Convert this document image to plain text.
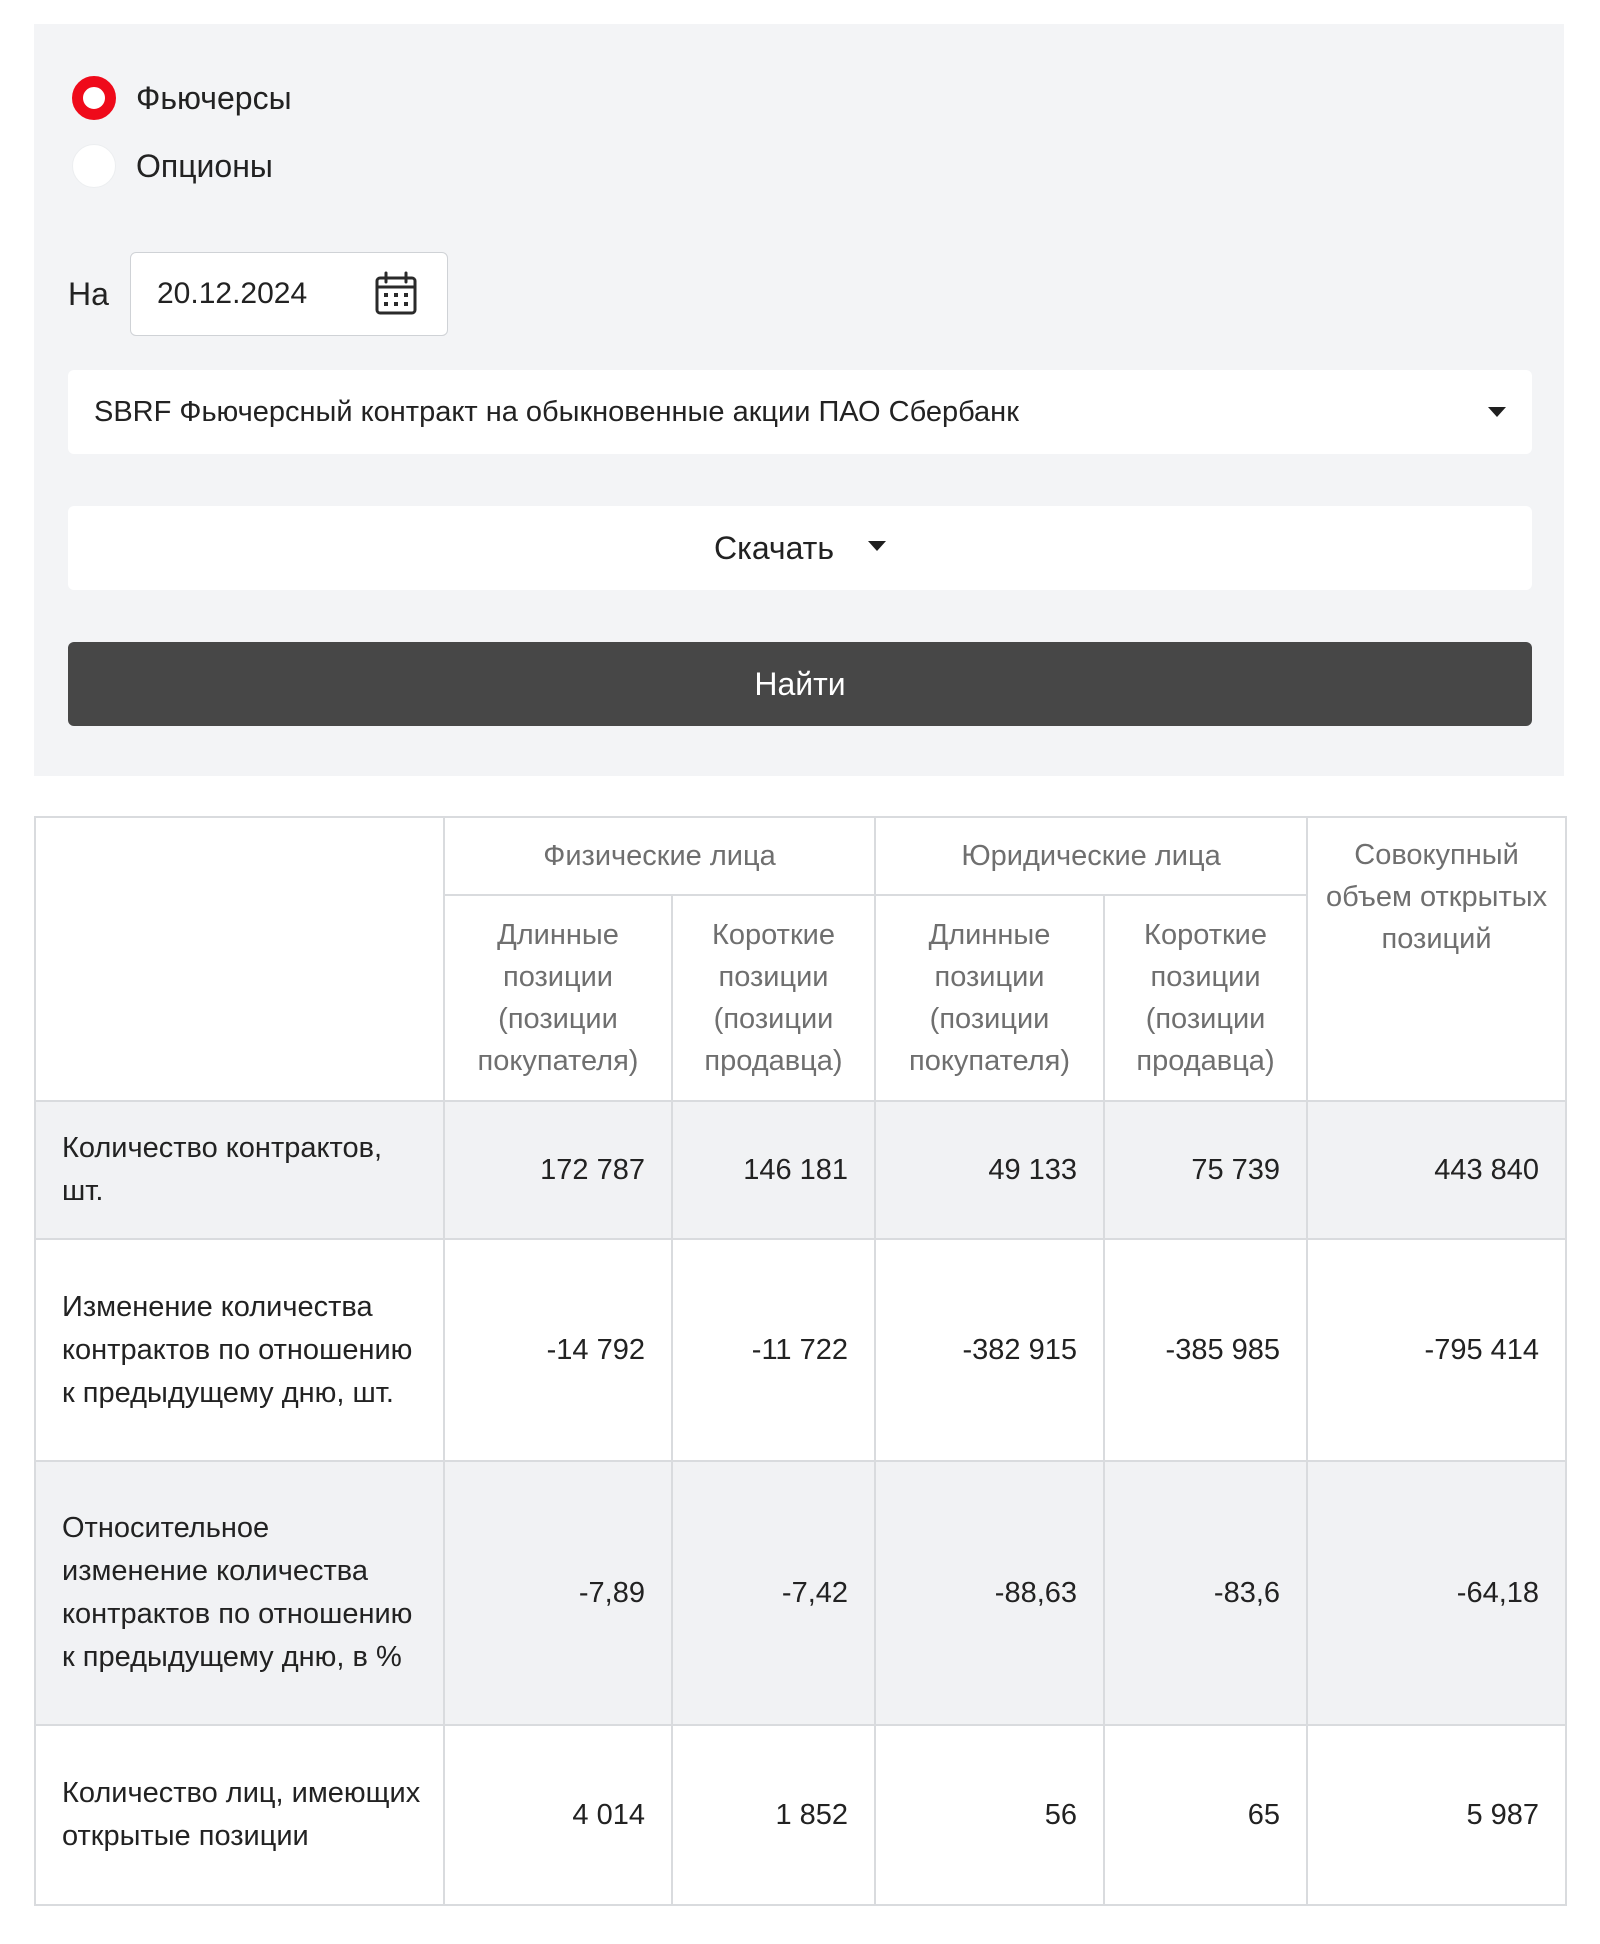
Фьючерсы
Опционы
На 20.12.2024
SBRF Фьючерсный контракт на обыкновенные акции ПАО Сбербанк
Скачать
Найти
	Физические лица		Юридические лица		Совокупный объем открытых позиций
	Длинные позиции (позиции покупателя)	Короткие позиции (позиции продавца)	Длинные позиции (позиции покупателя)	Короткие позиции (позиции продавца)	
Количество контрактов, шт.	172 787	146 181	49 133	75 739	443 840
Изменение количества контрактов по отношению к предыдущему дню, шт.	-14 792	-11 722	-382 915	-385 985	-795 414
Относительное изменение количества контрактов по отношению к предыдущему дню, в %	-7,89	-7,42	-88,63	-83,6	-64,18
Количество лиц, имеющих открытые позиции	4 014	1 852	56	65	5 987
